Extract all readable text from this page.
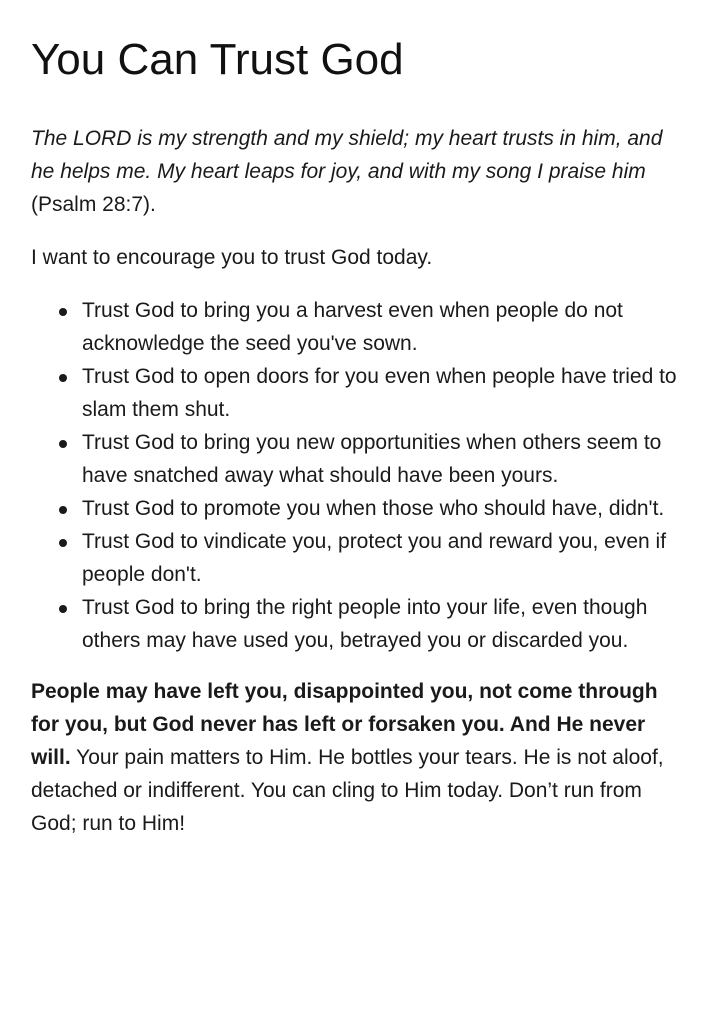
You Can Trust God

The LORD is my strength and my shield; my heart trusts in him, and he helps me. My heart leaps for joy, and with my song I praise him (Psalm 28:7).

I want to encourage you to trust God today.

Trust God to bring you a harvest even when people do not acknowledge the seed you've sown.
Trust God to open doors for you even when people have tried to slam them shut.
Trust God to bring you new opportunities when others seem to have snatched away what should have been yours.
Trust God to promote you when those who should have, didn't.
Trust God to vindicate you, protect you and reward you, even if people don't.
Trust God to bring the right people into your life, even though others may have used you, betrayed you or discarded you.

People may have left you, disappointed you, not come through for you, but God never has left or forsaken you. And He never will. Your pain matters to Him. He bottles your tears. He is not aloof, detached or indifferent. You can cling to Him today. Don’t run from God; run to Him!
